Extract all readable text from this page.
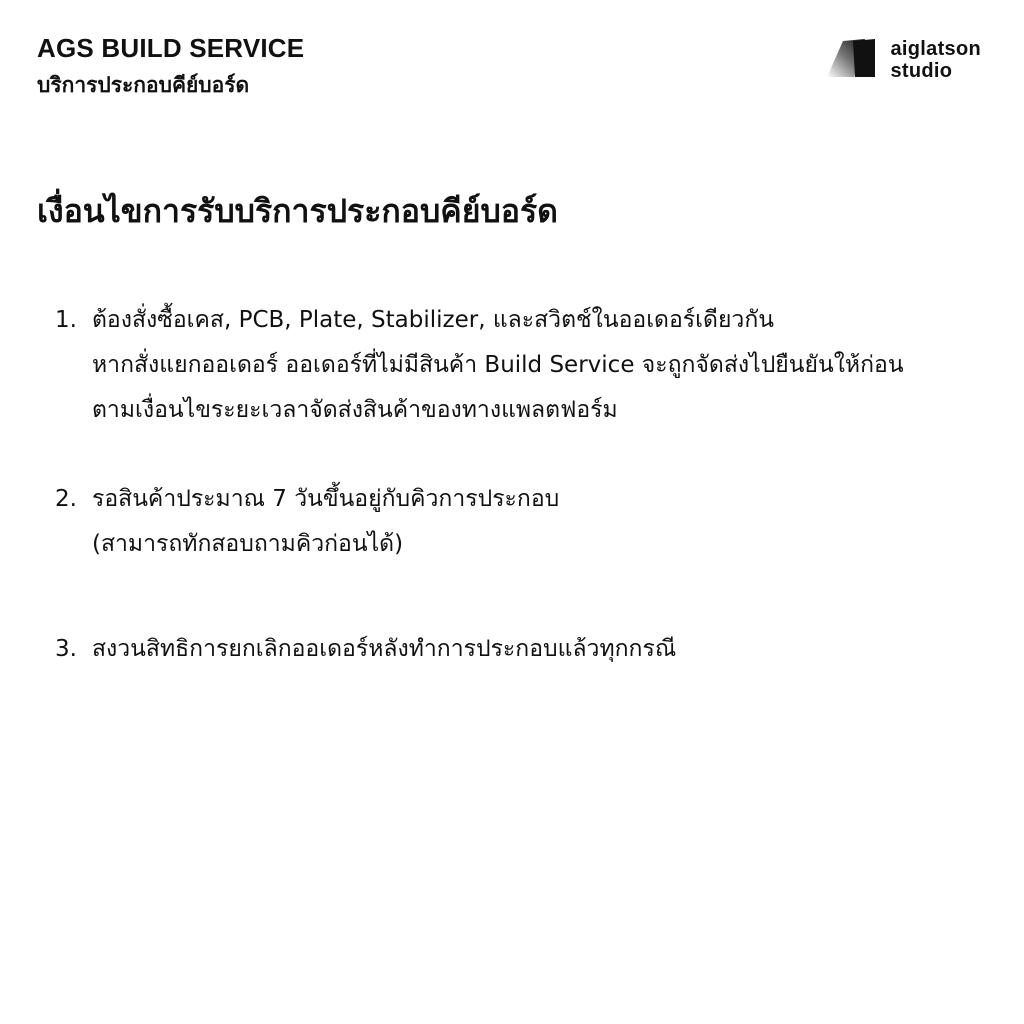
AGS BUILD SERVICE
บริการประกอบคีย์บอร์ด
aiglatson
studio
เงื่อนไขการรับบริการประกอบคีย์บอร์ด
1. ต้องสั่งซื้อเคส, PCB, Plate, Stabilizer, และสวิตช์ในออเดอร์เดียวกัน
หากสั่งแยกออเดอร์ ออเดอร์ที่ไม่มีสินค้า Build Service จะถูกจัดส่งไปยืนยันให้ก่อน
ตามเงื่อนไขระยะเวลาจัดส่งสินค้าของทางแพลตฟอร์ม
2. รอสินค้าประมาณ 7 วันขึ้นอยู่กับคิวการประกอบ
(สามารถทักสอบถามคิวก่อนได้)
3. สงวนสิทธิการยกเลิกออเดอร์หลังทำการประกอบแล้วทุกกรณี
